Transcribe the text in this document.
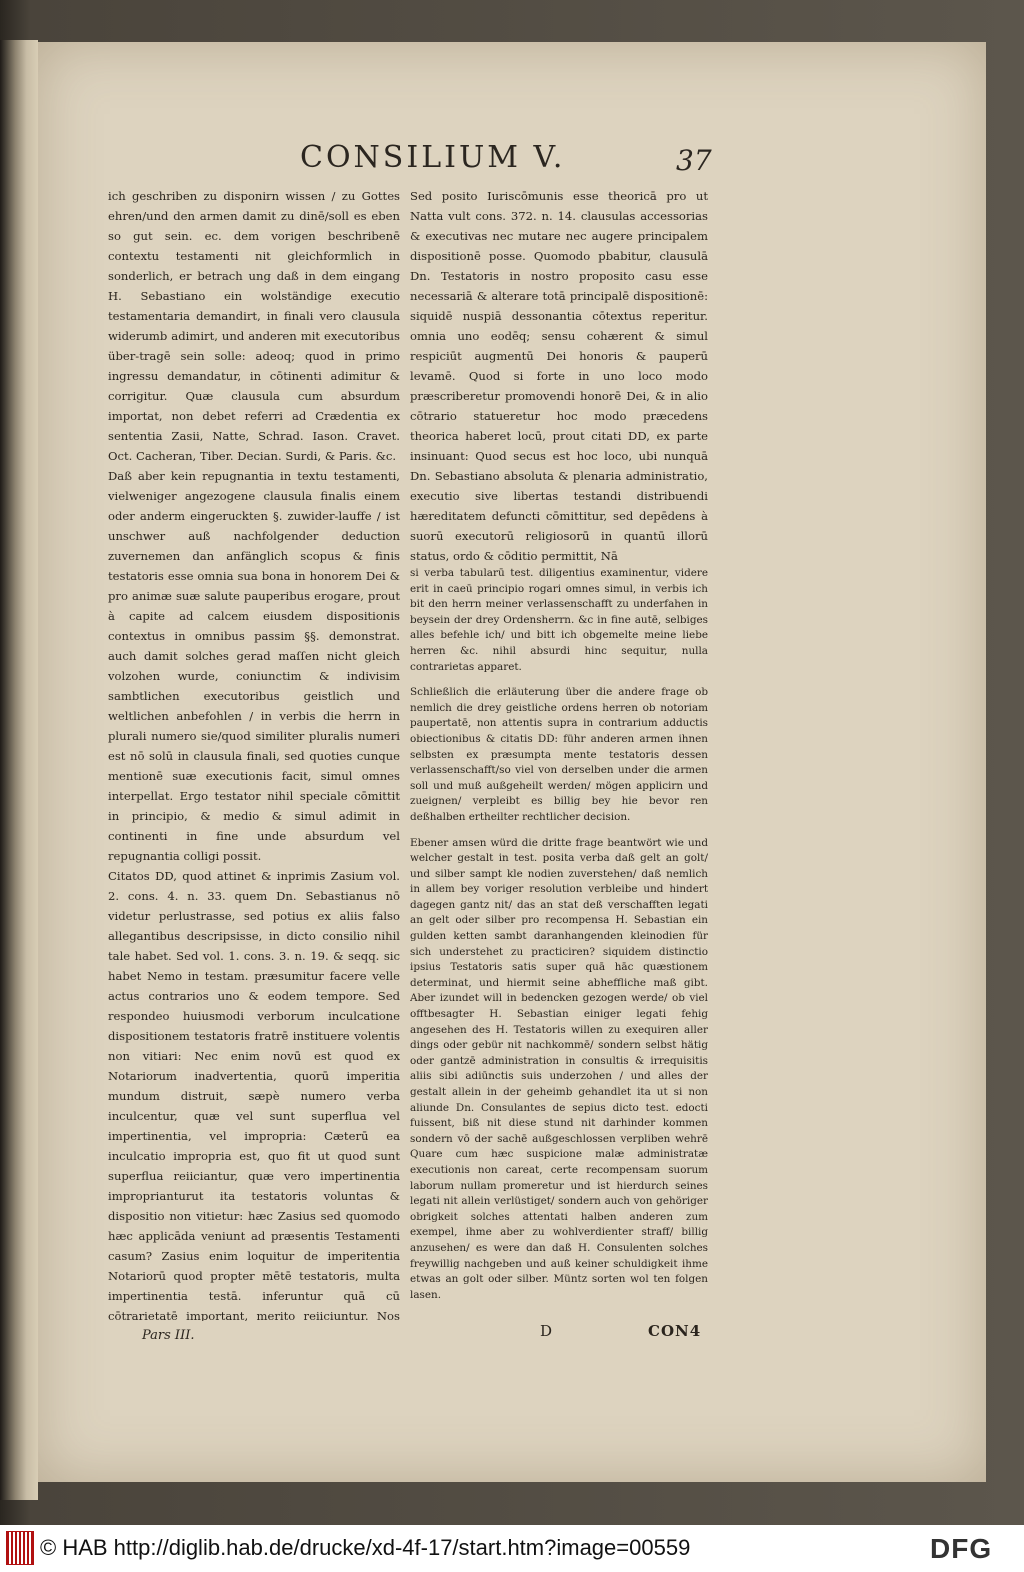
CONSILIUM V.	37

ich geschriben zu disponirn wissen / zu Gottes ehren/und den armen damit zu dinē/soll es eben so gut sein. ec. dem vorigen beschribenē contextu testamenti nit gleichformlich in sonderlich, er betrach ung daß in dem eingang H. Sebastiano ein wolständige executio testamentaria demandirt, in finali vero clausula widerumb adimirt, und anderen mit executoribus über-tragē sein solle: adeoq; quod in primo ingressu demandatur, in cōtinenti adimitur & corrigitur. Quæ clausula cum absurdum importat, non debet referri ad Crædentia ex sententia Zasii, Natte, Schrad. Iason. Cravet. Oct. Cacheran, Tiber. Decian. Surdi, & Paris. &c.

Daß aber kein repugnantia in textu testamenti, vielweniger angezogene clausula finalis einem oder anderm eingeruckten §. zuwider-lauffe / ist unschwer auß nachfolgender deduction zuvernemen dan anfänglich scopus & finis testatoris esse omnia sua bona in honorem Dei & pro animæ suæ salute pauperibus erogare, prout à capite ad calcem eiusdem dispositionis contextus in omnibus passim §§. demonstrat. auch damit solches gerad maſſen nicht gleich volzohen wurde, coniunctim & indivisim sambtlichen executoribus geistlich und weltlichen anbefohlen / in verbis die herrn in plurali numero sie/quod similiter pluralis numeri est nō solū in clausula finali, sed quoties cunque mentionē suæ executionis facit, simul omnes interpellat. Ergo testator nihil speciale cōmittit in principio, & medio & simul adimit in continenti in fine unde absurdum vel repugnantia colligi possit.

Citatos DD, quod attinet & inprimis Zasium vol. 2. cons. 4. n. 33. quem Dn. Sebastianus nō videtur perlustrasse, sed potius ex aliis falso allegantibus descripsisse, in dicto consilio nihil tale habet. Sed vol. 1. cons. 3. n. 19. & seqq. sic habet Nemo in testam. præsumitur facere velle actus contrarios uno & eodem tempore. Sed respondeo huiusmodi verborum inculcatione dispositionem testatoris fratrē instituere volentis non vitiari: Nec enim novū est quod ex Notariorum inadvertentia, quorū imperitia mundum distruit, sæpè numero verba inculcentur, quæ vel sunt superflua vel impertinentia, vel impropria: Cæterū ea inculcatio impropria est, quo fit ut quod sunt superflua reiiciantur, quæ vero impertinentia improprianturut ita testatoris voluntas & dispositio non vitietur: hæc Zasius sed quomodo hæc applicāda veniunt ad præsentis Testamenti casum? Zasius enim loquitur de imperitentia Notariorū quod propter mētē testatoris, multa impertinentia testā. inferuntur quā cū cōtrarietatē important, merito reiiciuntur. Nos

Sed posito Iuriscōmunis esse theoricā pro ut Natta vult cons. 372. n. 14. clausulas accessorias & executivas nec mutare nec augere principalem dispositionē posse. Quomodo pbabitur, clausulā Dn. Testatoris in nostro proposito casu esse necessariā & alterare totā principalē dispositionē: siquidē nuspiā dessonantia cōtextus reperitur. omnia uno eodēq; sensu cohærent & simul respiciūt augmentū Dei honoris & pauperū levamē. Quod si forte in uno loco modo præscriberetur promovendi honorē Dei, & in alio cōtrario statueretur hoc modo præcedens theorica haberet locū, prout citati DD, ex parte insinuant: Quod secus est hoc loco, ubi nunquā Dn. Sebastiano absoluta & plenaria administratio, executio sive libertas testandi distribuendi hæreditatem defuncti cōmittitur, sed depēdens à suorū executorū religiosorū in quantū illorū status, ordo & cōditio permittit, Nā

si verba tabularū test. diligentius examinentur, videre erit in caeū principio rogari omnes simul, in verbis ich bit den herrn meiner verlassenschafft zu underfahen in beysein der drey Ordensherrn. &c in fine autē, selbiges alles befehle ich/ und bitt ich obgemelte meine liebe herren &c. nihil absurdi hinc sequitur, nulla contrarietas apparet.

Schließlich die erläuterung über die andere frage ob nemlich die drey geistliche ordens herren ob notoriam paupertatē, non attentis supra in contrarium adductis obiectionibus & citatis DD: führ anderen armen ihnen selbsten ex præsumpta mente testatoris dessen verlassenschafft/so viel von derselben under die armen soll und muß außgeheilt werden/ mögen applicirn und zueignen/ verpleibt es billig bey hie bevor ren deßhalben ertheilter rechtlicher decision.

Ebener amsen würd die dritte frage beantwört wie und welcher gestalt in test. posita verba daß gelt an golt/ und silber sampt kle nodien zuverstehen/ daß nemlich in allem bey voriger resolution verbleibe und hindert dagegen gantz nit/ das an stat deß verschafften legati an gelt oder silber pro recompensa H. Sebastian ein gulden ketten sambt daranhangenden kleinodien für sich understehet zu practiciren? siquidem distinctio ipsius Testatoris satis super quā hāc quæstionem determinat, und hiermit seine abheffliche maß gibt. Aber izundet will in bedencken gezogen werde/ ob viel offtbesagter H. Sebastian einiger legati fehig angesehen des H. Testatoris willen zu exequiren aller dings oder gebür nit nachkommē/ sondern selbst hätig oder gantzē administration in consultis & irrequisitis aliis sibi adiūnctis suis underzohen / und alles der gestalt allein in der geheimb gehandlet ita ut si non aliunde Dn. Consulantes de sepius dicto test. edocti fuissent, biß nit diese stund nit darhinder kommen sondern vō der sachē außgeschlossen verpliben wehrē Quare cum hæc suspicione malæ administratæ executionis non careat, certe recompensam suorum laborum nullam promeretur und ist hierdurch seines legati nit allein verlüstiget/ sondern auch von gehöriger obrigkeit solches attentati halben anderen zum exempel, ihme aber zu wohlverdienter straff/ billig anzusehen/ es were dan daß H. Consulenten solches freywillig nachgeben und auß keiner schuldigkeit ihme etwas an golt oder silber. Müntz sorten wol ten folgen lasen.

Pars III.	D	CON4
© HAB http://diglib.hab.de/drucke/xd-4f-17/start.htm?image=00559	DFG
